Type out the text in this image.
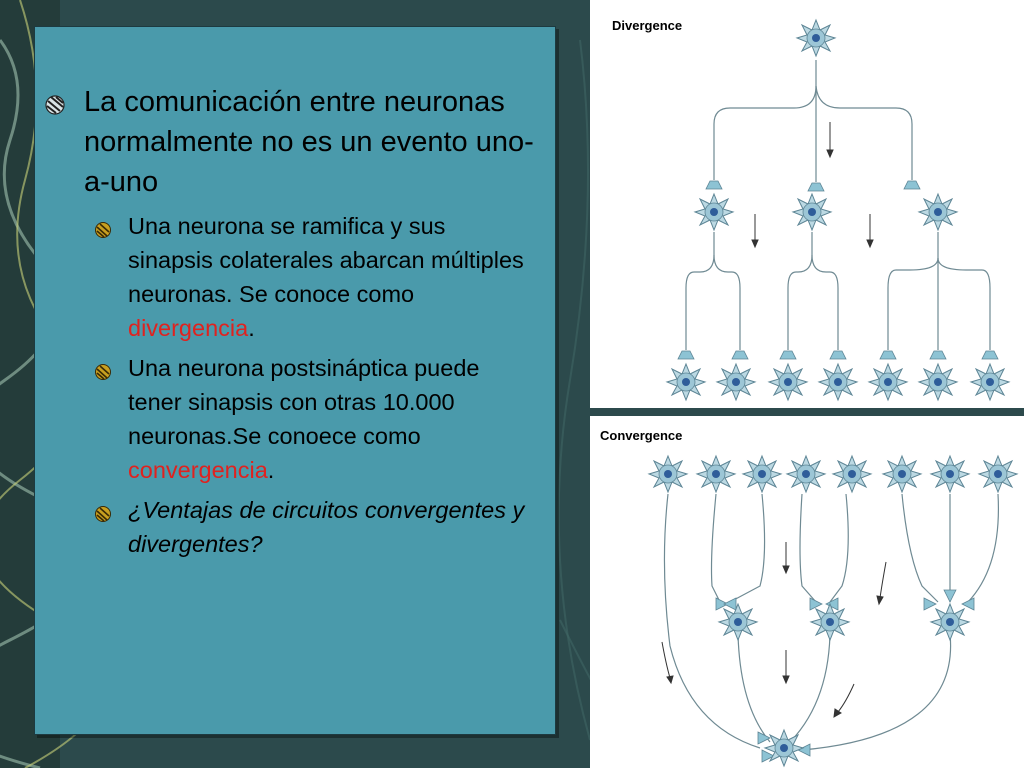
La comunicación entre neuronas normalmente no es un evento uno-a-uno
Una neurona se ramifica y sus sinapsis colaterales abarcan múltiples neuronas. Se conoce como divergencia.
Una neurona postsináptica puede tener sinapsis con otras 10.000 neuronas.Se conoece como convergencia.
¿Ventajas de circuitos convergentes y divergentes?
Divergence
Convergence
